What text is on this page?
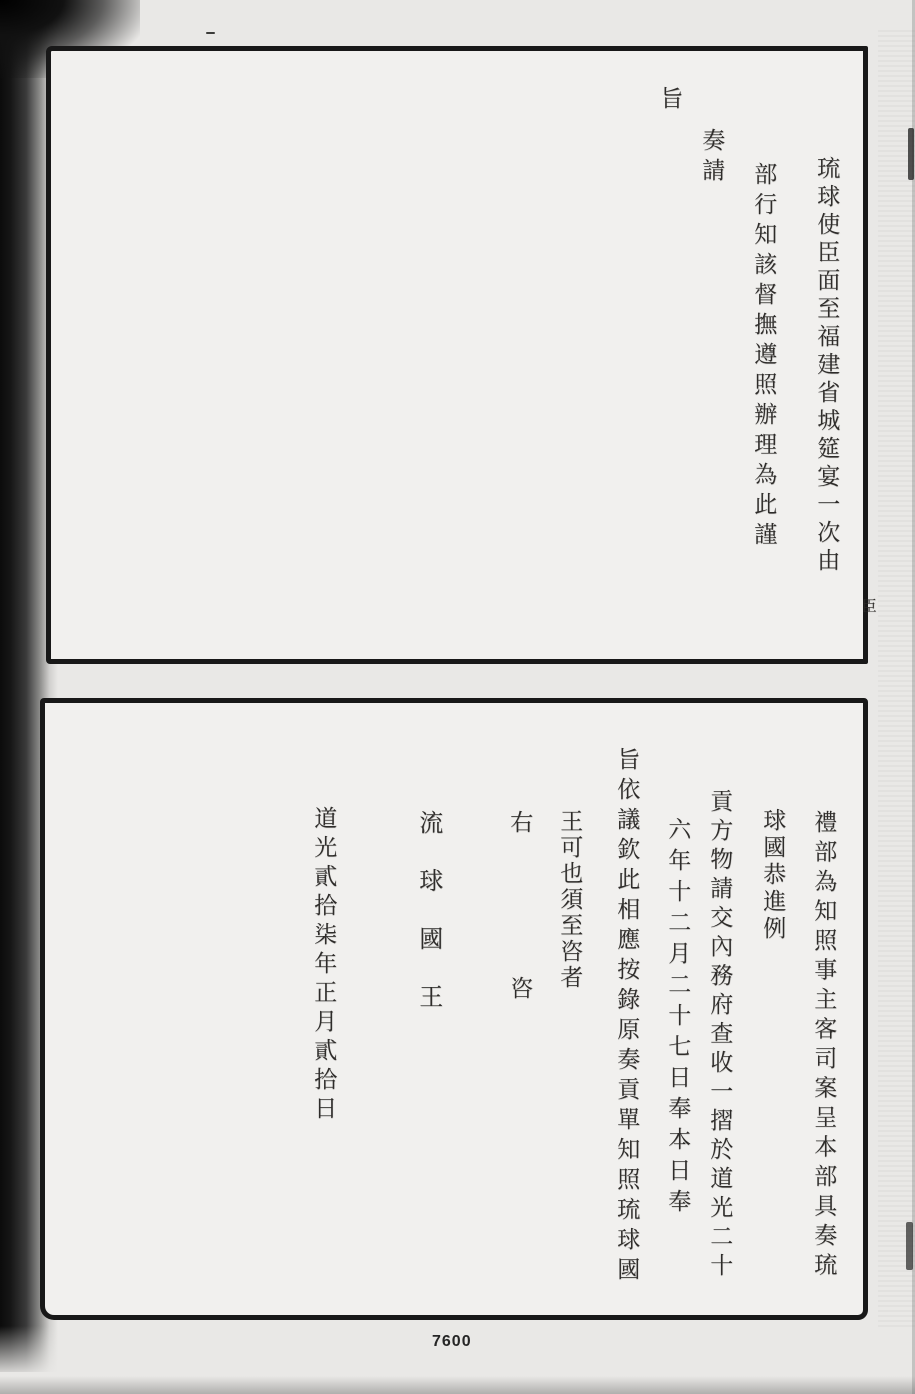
琉球使臣面至福建省城筵宴一次由
臣
部行知該督撫遵照辦理為此謹
奏請
旨
禮部為知照事主客司案呈本部具奏琉
球國恭進例
貢方物請交內務府查收一摺於道光二十
六年十二月二十七日奉本日奉
旨依議欽此相應按錄原奏貢單知照琉球國
王可也須至咨者
右
咨
流球國王
道光貳拾柒年正月貳拾日
7600
